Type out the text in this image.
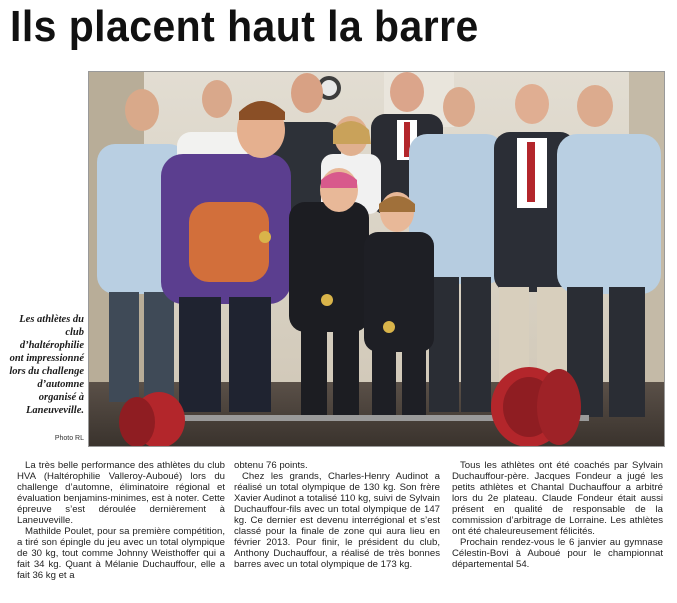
Ils placent haut la barre
Les athlètes du club d’haltérophilie ont impressionné lors du challenge d’automne organisé à Laneuveville.
Photo RL

La très belle performance des athlètes du club HVA (Haltérophilie Valleroy-Auboué) lors du challenge d’automne, éliminatoire régional et évaluation benjamins-minimes, est à noter. Cette épreuve s’est déroulée dernièrement à Laneuveville.

Mathilde Poulet, pour sa première compétition, a tiré son épingle du jeu avec un total olympique de 30 kg, tout comme Johnny Weisthoffer qui a fait 34 kg. Quant à Mélanie Duchauffour, elle a fait 36 kg et a

obtenu 76 points.

Chez les grands, Charles-Henry Audinot a réalisé un total olympique de 130 kg. Son frère Xavier Audinot a totalisé 110 kg, suivi de Sylvain Duchauffour-fils avec un total olympique de 147 kg. Ce dernier est devenu interrégional et s’est classé pour la finale de zone qui aura lieu en février 2013. Pour finir, le président du club, Anthony Duchauffour, a réalisé de très bonnes barres avec un total olympique de 173 kg.

Tous les athlètes ont été coachés par Sylvain Duchauffour-père. Jacques Fondeur a jugé les petits athlètes et Chantal Duchauffour a arbitré lors du 2e plateau. Claude Fondeur était aussi présent en qualité de responsable de la commission d’arbitrage de Lorraine. Les athlètes ont été chaleureusement félicités.

Prochain rendez-vous le 6 janvier au gymnase Célestin-Bovi à Auboué pour le championnat départemental 54.
